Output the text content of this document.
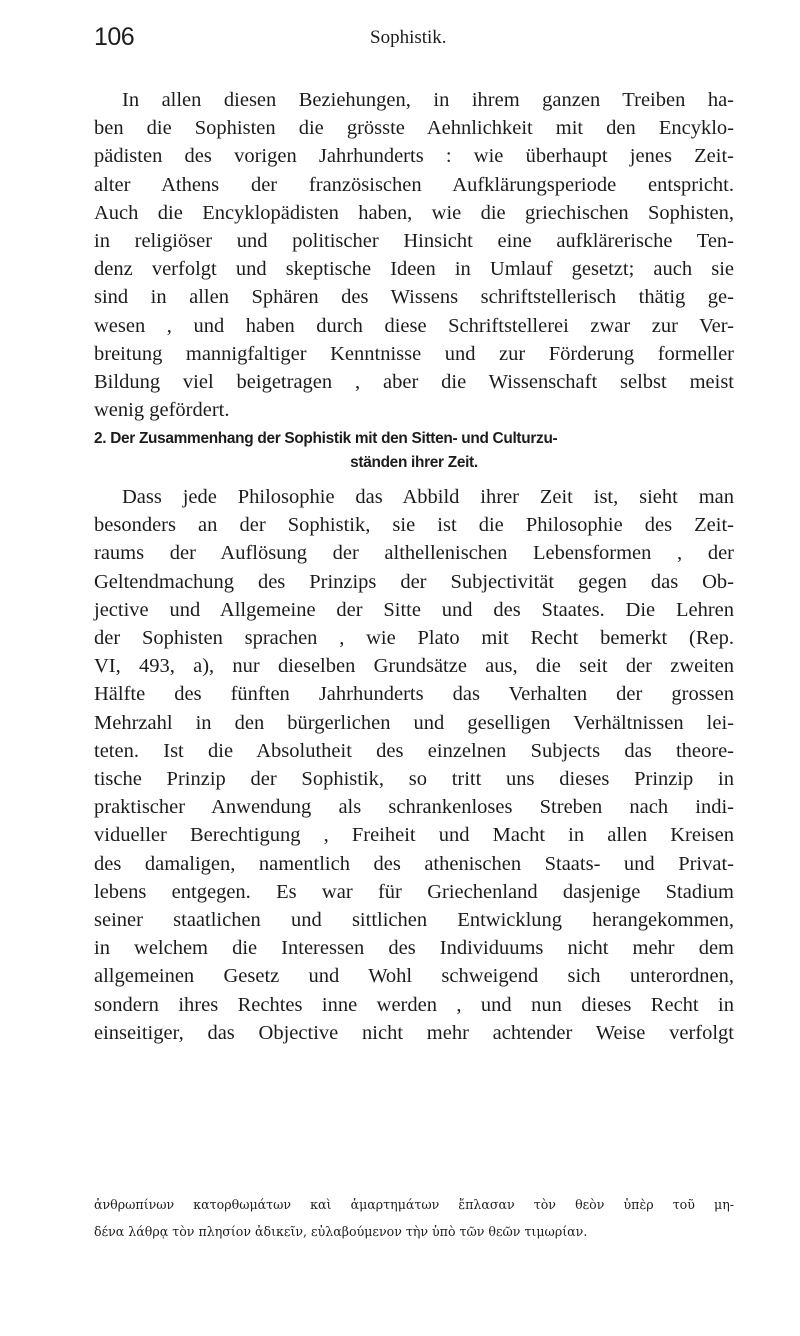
106	Sophistik.
In allen diesen Beziehungen, in ihrem ganzen Treiben ha-
ben die Sophisten die grösste Aehnlichkeit mit den Encyklo-
pädisten des vorigen Jahrhunderts : wie überhaupt jenes Zeit-
alter Athens der französischen Aufklärungsperiode entspricht.
Auch die Encyklopädisten haben, wie die griechischen Sophisten,
in religiöser und politischer Hinsicht eine aufklärerische Ten-
denz verfolgt und skeptische Ideen in Umlauf gesetzt; auch sie
sind in allen Sphären des Wissens schriftstellerisch thätig ge-
wesen , und haben durch diese Schriftstellerei zwar zur Ver-
breitung mannigfaltiger Kenntnisse und zur Förderung formeller
Bildung viel beigetragen , aber die Wissenschaft selbst meist
wenig gefördert.
2. Der Zusammenhang der Sophistik mit den Sitten- und Culturzu-
ständen ihrer Zeit.
Dass jede Philosophie das Abbild ihrer Zeit ist, sieht man
besonders an der Sophistik, sie ist die Philosophie des Zeit-
raums der Auflösung der althellenischen Lebensformen , der
Geltendmachung des Prinzips der Subjectivität gegen das Ob-
jective und Allgemeine der Sitte und des Staates. Die Lehren
der Sophisten sprachen , wie Plato mit Recht bemerkt (Rep.
VI, 493, a), nur dieselben Grundsätze aus, die seit der zweiten
Hälfte des fünften Jahrhunderts das Verhalten der grossen
Mehrzahl in den bürgerlichen und geselligen Verhältnissen lei-
teten. Ist die Absolutheit des einzelnen Subjects das theore-
tische Prinzip der Sophistik, so tritt uns dieses Prinzip in
praktischer Anwendung als schrankenloses Streben nach indi-
vidueller Berechtigung , Freiheit und Macht in allen Kreisen
des damaligen, namentlich des athenischen Staats- und Privat-
lebens entgegen. Es war für Griechenland dasjenige Stadium
seiner staatlichen und sittlichen Entwicklung herangekommen,
in welchem die Interessen des Individuums nicht mehr dem
allgemeinen Gesetz und Wohl schweigend sich unterordnen,
sondern ihres Rechtes inne werden , und nun dieses Recht in
einseitiger, das Objective nicht mehr achtender Weise verfolgt
ἀνθρωπίνων κατορθωμάτων καὶ ἁμαρτημάτων ἔπλασαν τὸν θεὸν ὑπὲρ τοῦ μη-
δένα λάθρᾳ τὸν πλησίον ἀδικεῖν, εὐλαβούμενον τὴν ὑπὸ τῶν θεῶν τιμωρίαν.
